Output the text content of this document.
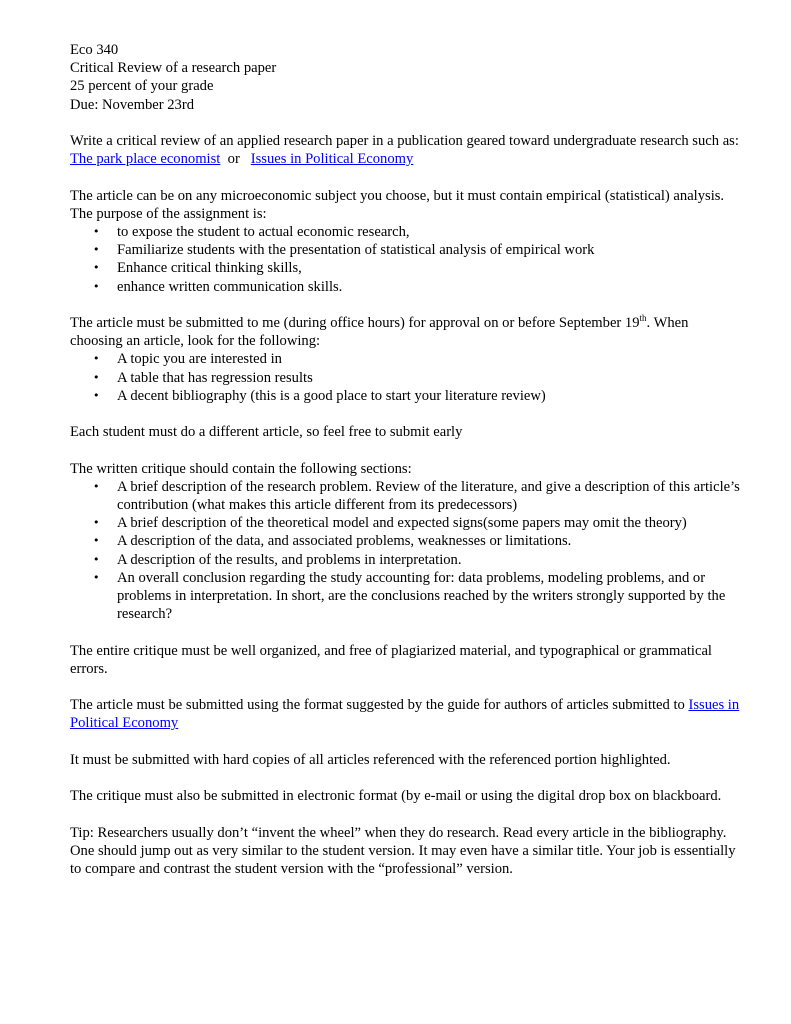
Eco 340

Critical Review of a research paper

25 percent of your grade

Due: November 23rd

Write a critical review of an applied research paper in a publication geared toward undergraduate research such as: The park place economist  or   Issues in Political Economy

The article can be on any microeconomic subject you choose, but it must contain empirical (statistical) analysis. The purpose of the assignment is:

• to expose the student to actual economic research,
• Familiarize students with the presentation of statistical analysis of empirical work
• Enhance critical thinking skills,
• enhance written communication skills.

The article must be submitted to me (during office hours) for approval on or before September 19th. When choosing an article, look for the following:

• A topic you are interested in
• A table that has regression results
• A decent bibliography (this is a good place to start your literature review)

Each student must do a different article, so feel free to submit early

The written critique should contain the following sections:

• A brief description of the research problem. Review of the literature, and give a description of this article’s contribution (what makes this article different from its predecessors)
• A brief description of the theoretical model and expected signs(some papers may omit the theory)
• A description of the data, and associated problems, weaknesses or limitations.
• A description of the results, and problems in interpretation.
• An overall conclusion regarding the study accounting for: data problems, modeling problems, and or problems in interpretation. In short, are the conclusions reached by the writers strongly supported by the research?

The entire critique must be well organized, and free of plagiarized material, and typographical or grammatical errors.

The article must be submitted using the format suggested by the guide for authors of articles submitted to Issues in Political Economy

It must be submitted with hard copies of all articles referenced with the referenced portion highlighted.

The critique must also be submitted in electronic format (by e-mail or using the digital drop box on blackboard.

Tip: Researchers usually don’t “invent the wheel” when they do research. Read every article in the bibliography. One should jump out as very similar to the student version. It may even have a similar title. Your job is essentially to compare and contrast the student version with the “professional” version.
